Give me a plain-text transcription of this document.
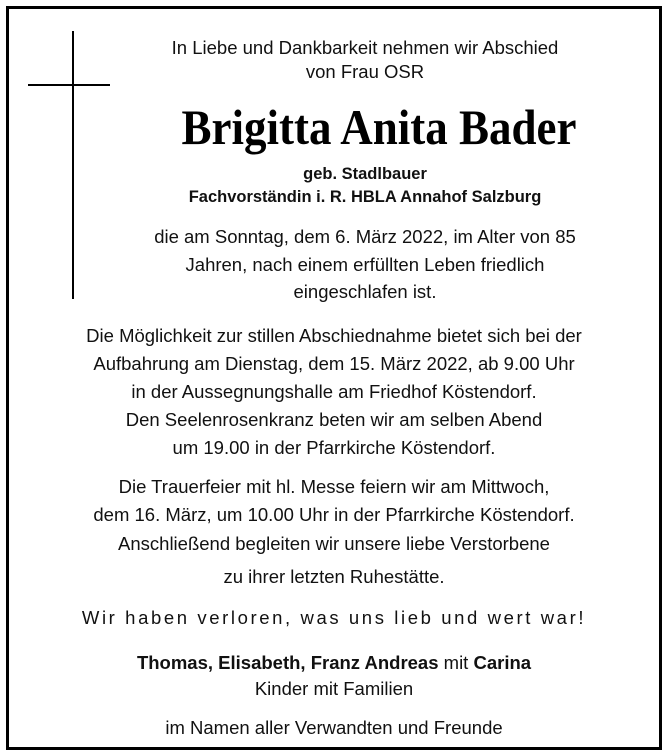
In Liebe und Dankbarkeit nehmen wir Abschied
von Frau OSR
Brigitta Anita Bader
geb. Stadlbauer
Fachvorständin i. R. HBLA Annahof Salzburg
die am Sonntag, dem 6. März 2022, im Alter von 85
Jahren, nach einem erfüllten Leben friedlich
eingeschlafen ist.
Die Möglichkeit zur stillen Abschiednahme bietet sich bei der
Aufbahrung am Dienstag, dem 15. März 2022, ab 9.00 Uhr
in der Aussegnungshalle am Friedhof Köstendorf.
Den Seelenrosenkranz beten wir am selben Abend
um 19.00 in der Pfarrkirche Köstendorf.
Die Trauerfeier mit hl. Messe feiern wir am Mittwoch,
dem 16. März, um 10.00 Uhr in der Pfarrkirche Köstendorf.
Anschließend begleiten wir unsere liebe Verstorbene
zu ihrer letzten Ruhestätte.
Wir haben verloren, was uns lieb und wert war!
Thomas, Elisabeth, Franz Andreas mit Carina
Kinder mit Familien
im Namen aller Verwandten und Freunde
